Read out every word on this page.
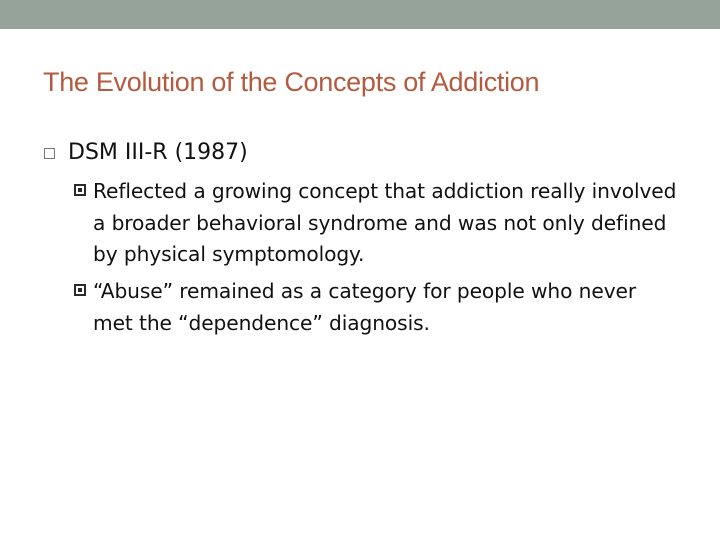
The Evolution of the Concepts of Addiction
DSM III-R (1987)
Reflected a growing concept that addiction really involved a broader behavioral syndrome and was not only defined by physical symptomology.
“Abuse” remained as a category for people who never met the “dependence” diagnosis.
